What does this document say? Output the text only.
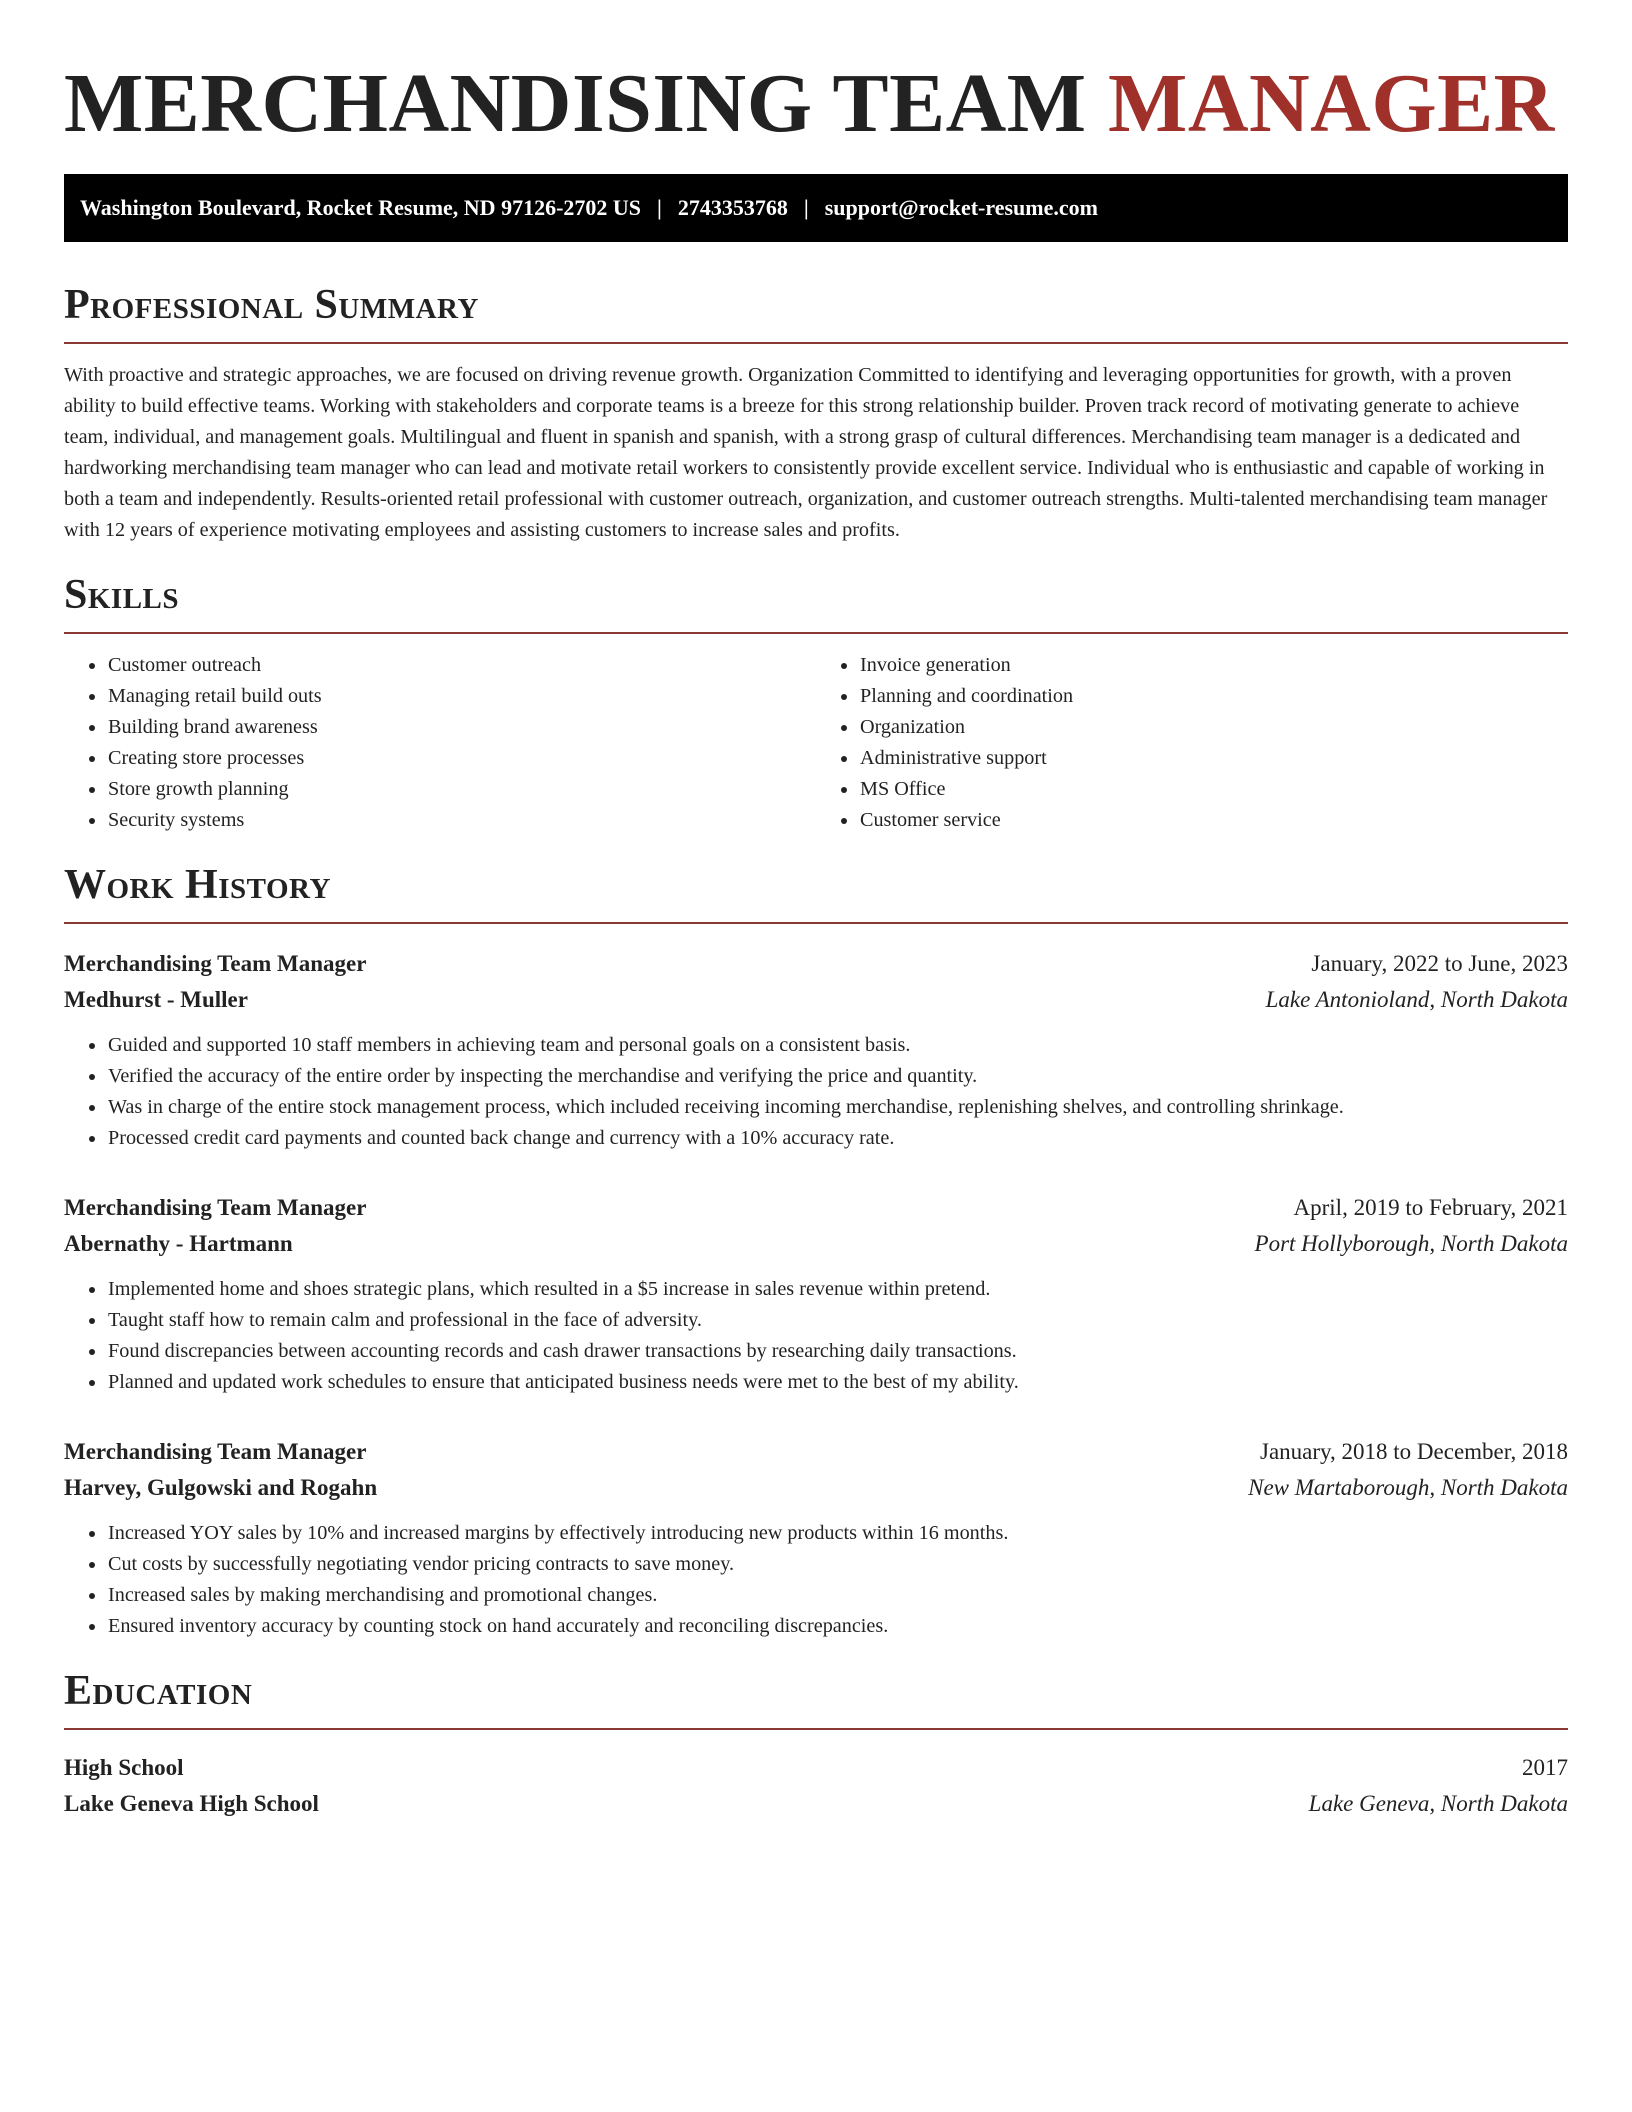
MERCHANDISING TEAM MANAGER
Washington Boulevard, Rocket Resume, ND 97126-2702 US | 2743353768 | support@rocket-resume.com
Professional Summary

With proactive and strategic approaches, we are focused on driving revenue growth. Organization Committed to identifying and leveraging opportunities for growth, with a proven ability to build effective teams. Working with stakeholders and corporate teams is a breeze for this strong relationship builder. Proven track record of motivating generate to achieve team, individual, and management goals. Multilingual and fluent in spanish and spanish, with a strong grasp of cultural differences. Merchandising team manager is a dedicated and hardworking merchandising team manager who can lead and motivate retail workers to consistently provide excellent service. Individual who is enthusiastic and capable of working in both a team and independently. Results-oriented retail professional with customer outreach, organization, and customer outreach strengths. Multi-talented merchandising team manager with 12 years of experience motivating employees and assisting customers to increase sales and profits.

Skills
• Customer outreach
• Managing retail build outs
• Building brand awareness
• Creating store processes
• Store growth planning
• Security systems
• Invoice generation
• Planning and coordination
• Organization
• Administrative support
• MS Office
• Customer service
Work History
Merchandising Team Manager	January, 2022 to June, 2023
Medhurst - Muller	Lake Antonioland, North Dakota
• Guided and supported 10 staff members in achieving team and personal goals on a consistent basis.
• Verified the accuracy of the entire order by inspecting the merchandise and verifying the price and quantity.
• Was in charge of the entire stock management process, which included receiving incoming merchandise, replenishing shelves, and controlling shrinkage.
• Processed credit card payments and counted back change and currency with a 10% accuracy rate.
Merchandising Team Manager	April, 2019 to February, 2021
Abernathy - Hartmann	Port Hollyborough, North Dakota
• Implemented home and shoes strategic plans, which resulted in a $5 increase in sales revenue within pretend.
• Taught staff how to remain calm and professional in the face of adversity.
• Found discrepancies between accounting records and cash drawer transactions by researching daily transactions.
• Planned and updated work schedules to ensure that anticipated business needs were met to the best of my ability.
Merchandising Team Manager	January, 2018 to December, 2018
Harvey, Gulgowski and Rogahn	New Martaborough, North Dakota
• Increased YOY sales by 10% and increased margins by effectively introducing new products within 16 months.
• Cut costs by successfully negotiating vendor pricing contracts to save money.
• Increased sales by making merchandising and promotional changes.
• Ensured inventory accuracy by counting stock on hand accurately and reconciling discrepancies.
Education
High School	2017
Lake Geneva High School	Lake Geneva, North Dakota
